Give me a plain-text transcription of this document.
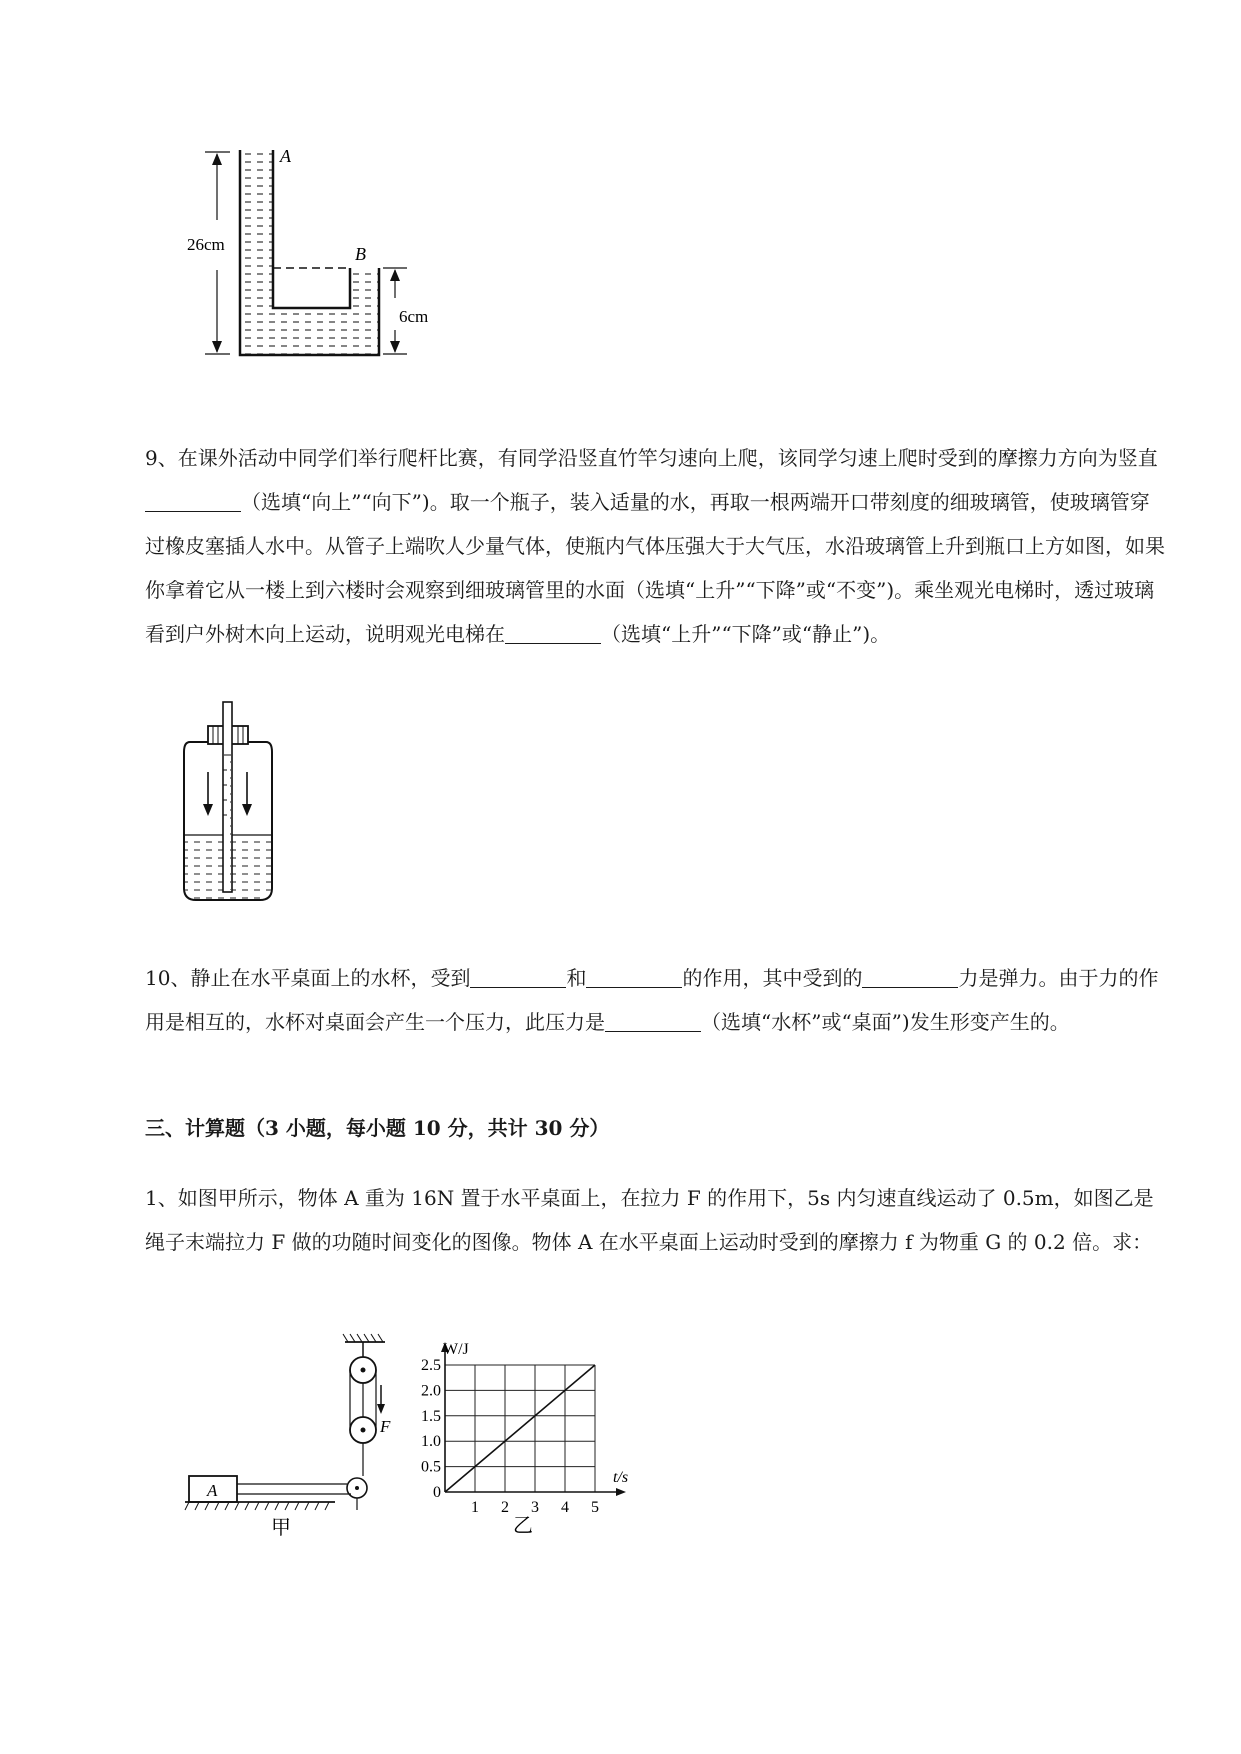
26cm
6cm
A
B
9、在课外活动中同学们举行爬杆比赛，有同学沿竖直竹竿匀速向上爬，该同学匀速上爬时受到的摩擦力方向为竖直（选填“向上”“向下”)。取一个瓶子，装入适量的水，再取一根两端开口带刻度的细玻璃管，使玻璃管穿过橡皮塞插人水中。从管子上端吹人少量气体，使瓶内气体压强大于大气压，水沿玻璃管上升到瓶口上方如图，如果你拿着它从一楼上到六楼时会观察到细玻璃管里的水面（选填“上升”“下降”或“不变”)。乘坐观光电梯时，透过玻璃看到户外树木向上运动，说明观光电梯在	（选填“上升”“下降”或“静止”)。
10、静止在水平桌面上的水杯，受到	和	的作用，其中受到的	力是弹力。由于力的作用是相互的，水杯对桌面会产生一个压力，此压力是	（选填“水杯”或“桌面”)发生形变产生的。
三、计算题（3 小题，每小题 10 分，共计 30 分）
1、如图甲所示，物体 A 重为 16N 置于水平桌面上，在拉力 F 的作用下，5s 内匀速直线运动了 0.5m，如图乙是绳子末端拉力 F 做的功随时间变化的图像。物体 A 在水平桌面上运动时受到的摩擦力 f 为物重 G 的 0.2 倍。求：
F
A
甲
1 2 3 4 5
0
0.5
1.0
1.5
2.0
2.5
W/J
t/s
乙
